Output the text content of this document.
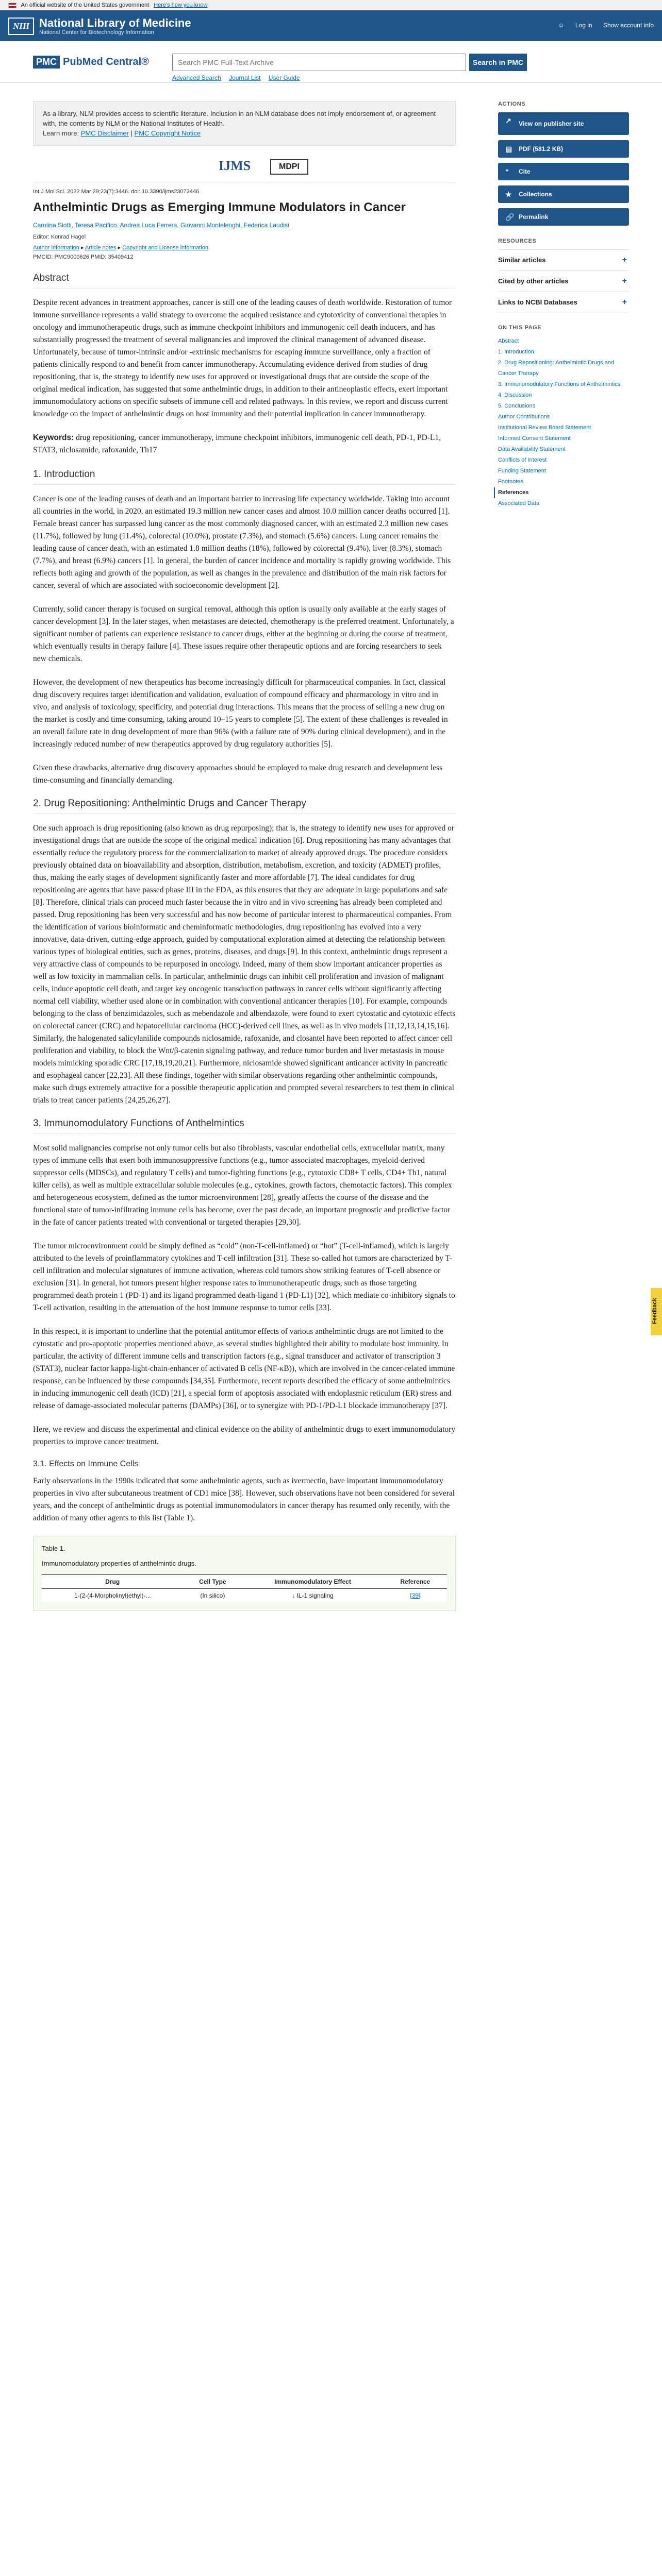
An official website of the United States government Here's how you know
NIH National Library of Medicine
National Center for Biotechnology Information
☺ Log in Show account info
PMC PubMed Central®
Search PMC Full-Text Archive	Search in PMC
Advanced Search Journal List User Guide
As a library, NLM provides access to scientific literature. Inclusion in an NLM database does not imply endorsement of, or agreement with, the contents by NLM or the National Institutes of Health.
Learn more: PMC Disclaimer | PMC Copyright Notice
IJMS	MDPI
Int J Mol Sci. 2022 Mar 29;23(7):3446. doi: 10.3390/ijms23073446
Anthelmintic Drugs as Emerging Immune Modulators in Cancer
Carolina Siotti, Teresa Pacifico, Andrea Luca Ferrera, Giovanni Montelenghi, Federica Laudisi
Editor: Konrad Hagel
Author information ▸ Article notes ▸ Copyright and License information
PMCID: PMC9000626 PMID: 35409412
Abstract

Despite recent advances in treatment approaches, cancer is still one of the leading causes of death worldwide. Restoration of tumor immune surveillance represents a valid strategy to overcome the acquired resistance and cytotoxicity of conventional therapies in oncology and immunotherapeutic drugs, such as immune checkpoint inhibitors and immunogenic cell death inducers, and has substantially progressed the treatment of several malignancies and improved the clinical management of advanced disease. Unfortunately, because of tumor-intrinsic and/or -extrinsic mechanisms for escaping immune surveillance, only a fraction of patients clinically respond to and benefit from cancer immunotherapy. Accumulating evidence derived from studies of drug repositioning, that is, the strategy to identify new uses for approved or investigational drugs that are outside the scope of the original medical indication, has suggested that some anthelmintic drugs, in addition to their antineoplastic effects, exert important immunomodulatory actions on specific subsets of immune cell and related pathways. In this review, we report and discuss current knowledge on the impact of anthelmintic drugs on host immunity and their potential implication in cancer immunotherapy.

Keywords: drug repositioning, cancer immunotherapy, immune checkpoint inhibitors, immunogenic cell death, PD-1, PD-L1, STAT3, niclosamide, rafoxanide, Th17
1. Introduction

Cancer is one of the leading causes of death and an important barrier to increasing life expectancy worldwide. Taking into account all countries in the world, in 2020, an estimated 19.3 million new cancer cases and almost 10.0 million cancer deaths occurred [1]. Female breast cancer has surpassed lung cancer as the most commonly diagnosed cancer, with an estimated 2.3 million new cases (11.7%), followed by lung (11.4%), colorectal (10.0%), prostate (7.3%), and stomach (5.6%) cancers. Lung cancer remains the leading cause of cancer death, with an estimated 1.8 million deaths (18%), followed by colorectal (9.4%), liver (8.3%), stomach (7.7%), and breast (6.9%) cancers [1]. In general, the burden of cancer incidence and mortality is rapidly growing worldwide. This reflects both aging and growth of the population, as well as changes in the prevalence and distribution of the main risk factors for cancer, several of which are associated with socioeconomic development [2].

Currently, solid cancer therapy is focused on surgical removal, although this option is usually only available at the early stages of cancer development [3]. In the later stages, when metastases are detected, chemotherapy is the preferred treatment. Unfortunately, a significant number of patients can experience resistance to cancer drugs, either at the beginning or during the course of treatment, which eventually results in therapy failure [4]. These issues require other therapeutic options and are forcing researchers to seek new chemicals.

However, the development of new therapeutics has become increasingly difficult for pharmaceutical companies. In fact, classical drug discovery requires target identification and validation, evaluation of compound efficacy and pharmacology in vitro and in vivo, and analysis of toxicology, specificity, and potential drug interactions. This means that the process of selling a new drug on the market is costly and time-consuming, taking around 10–15 years to complete [5]. The extent of these challenges is revealed in an overall failure rate in drug development of more than 96% (with a failure rate of 90% during clinical development), and in the increasingly reduced number of new therapeutics approved by drug regulatory authorities [5].

Given these drawbacks, alternative drug discovery approaches should be employed to make drug research and development less time-consuming and financially demanding.

2. Drug Repositioning: Anthelmintic Drugs and Cancer Therapy

One such approach is drug repositioning (also known as drug repurposing); that is, the strategy to identify new uses for approved or investigational drugs that are outside the scope of the original medical indication [6]. Drug repositioning has many advantages that essentially reduce the regulatory process for the commercialization to market of already approved drugs. The procedure considers previously obtained data on bioavailability and absorption, distribution, metabolism, excretion, and toxicity (ADMET) profiles, thus, making the early stages of development significantly faster and more affordable [7]. The ideal candidates for drug repositioning are agents that have passed phase III in the FDA, as this ensures that they are adequate in large populations and safe [8]. Therefore, clinical trials can proceed much faster because the in vitro and in vivo screening has already been completed and passed. Drug repositioning has been very successful and has now become of particular interest to pharmaceutical companies. From the identification of various bioinformatic and cheminformatic methodologies, drug repositioning has evolved into a very innovative, data-driven, cutting-edge approach, guided by computational exploration aimed at detecting the relationship between various types of biological entities, such as genes, proteins, diseases, and drugs [9]. In this context, anthelmintic drugs represent a very attractive class of compounds to be repurposed in oncology. Indeed, many of them show important anticancer properties as well as low toxicity in mammalian cells. In particular, anthelmintic drugs can inhibit cell proliferation and invasion of malignant cells, induce apoptotic cell death, and target key oncogenic transduction pathways in cancer cells without significantly affecting normal cell viability, whether used alone or in combination with conventional anticancer therapies [10]. For example, compounds belonging to the class of benzimidazoles, such as mebendazole and albendazole, were found to exert cytostatic and cytotoxic effects on colorectal cancer (CRC) and hepatocellular carcinoma (HCC)-derived cell lines, as well as in vivo models [11,12,13,14,15,16]. Similarly, the halogenated salicylanilide compounds niclosamide, rafoxanide, and closantel have been reported to affect cancer cell proliferation and viability, to block the Wnt/β-catenin signaling pathway, and reduce tumor burden and liver metastasis in mouse models mimicking sporadic CRC [17,18,19,20,21]. Furthermore, niclosamide showed significant anticancer activity in pancreatic and esophageal cancer [22,23]. All these findings, together with similar observations regarding other anthelmintic compounds, make such drugs extremely attractive for a possible therapeutic application and prompted several researchers to test them in clinical trials to treat cancer patients [24,25,26,27].

3. Immunomodulatory Functions of Anthelmintics

Most solid malignancies comprise not only tumor cells but also fibroblasts, vascular endothelial cells, extracellular matrix, many types of immune cells that exert both immunosuppressive functions (e.g., tumor-associated macrophages, myeloid-derived suppressor cells (MDSCs), and regulatory T cells) and tumor-fighting functions (e.g., cytotoxic CD8+ T cells, CD4+ Th1, natural killer cells), as well as multiple extracellular soluble molecules (e.g., cytokines, growth factors, chemotactic factors). This complex and heterogeneous ecosystem, defined as the tumor microenvironment [28], greatly affects the course of the disease and the functional state of tumor-infiltrating immune cells has become, over the past decade, an important prognostic and predictive factor in the fate of cancer patients treated with conventional or targeted therapies [29,30].

The tumor microenvironment could be simply defined as “cold” (non-T-cell-inflamed) or “hot” (T-cell-inflamed), which is largely attributed to the levels of proinflammatory cytokines and T-cell infiltration [31]. These so-called hot tumors are characterized by T-cell infiltration and molecular signatures of immune activation, whereas cold tumors show striking features of T-cell absence or exclusion [31]. In general, hot tumors present higher response rates to immunotherapeutic drugs, such as those targeting programmed death protein 1 (PD-1) and its ligand programmed death-ligand 1 (PD-L1) [32], which mediate co-inhibitory signals to T-cell activation, resulting in the attenuation of the host immune response to tumor cells [33].

In this respect, it is important to underline that the potential antitumor effects of various anthelmintic drugs are not limited to the cytostatic and pro-apoptotic properties mentioned above, as several studies highlighted their ability to modulate host immunity. In particular, the activity of different immune cells and transcription factors (e.g., signal transducer and activator of transcription 3 (STAT3), nuclear factor kappa-light-chain-enhancer of activated B cells (NF-κB)), which are involved in the cancer-related immune response, can be influenced by these compounds [34,35]. Furthermore, recent reports described the efficacy of some anthelmintics in inducing immunogenic cell death (ICD) [21], a special form of apoptosis associated with endoplasmic reticulum (ER) stress and release of damage-associated molecular patterns (DAMPs) [36], or to synergize with PD-1/PD-L1 blockade immunotherapy [37].

Here, we review and discuss the experimental and clinical evidence on the ability of anthelmintic drugs to exert immunomodulatory properties to improve cancer treatment.

3.1. Effects on Immune Cells

Early observations in the 1990s indicated that some anthelmintic agents, such as ivermectin, have important immunomodulatory properties in vivo after subcutaneous treatment of CD1 mice [38]. However, such observations have not been considered for several years, and the concept of anthelmintic drugs as potential immunomodulators in cancer therapy has resumed only recently, with the addition of many other agents to this list (Table 1).

Table 1.
Immunomodulatory properties of anthelmintic drugs.
Drug	Cell Type	Immunomodulatory Effect	Reference
1-(2-(4-Morpholinyl)ethyl)-...	(In silico)	↓ IL-1 signaling	[39]
ACTIONS
↗ View on publisher site
▤ PDF (581.2 KB)
“ Cite
★ Collections
🔗 Permalink
RESOURCES
Similar articles	+
Cited by other articles	+
Links to NCBI Databases	+
ON THIS PAGE
Abstract
1. Introduction
2. Drug Repositioning: Anthelmintic Drugs and Cancer Therapy
3. Immunomodulatory Functions of Anthelmintics
4. Discussion
5. Conclusions
Author Contributions
Institutional Review Board Statement
Informed Consent Statement
Data Availability Statement
Conflicts of Interest
Funding Statement
Footnotes
References
Associated Data
Feedback
